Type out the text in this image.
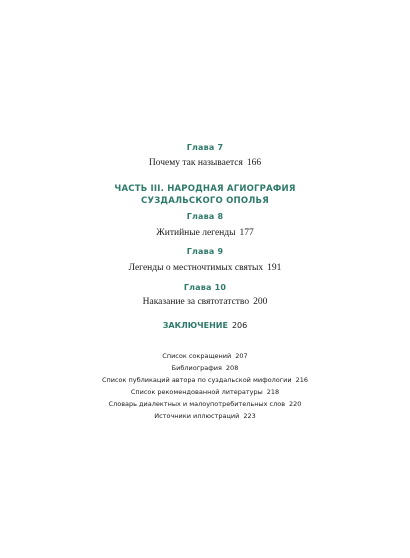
Глава 7
Почему так называется 166
ЧАСТЬ III. НАРОДНАЯ АГИОГРАФИЯ
СУЗДАЛЬСКОГО ОПОЛЬЯ
Глава 8
Житийные легенды 177
Глава 9
Легенды о местночтимых святых 191
Глава 10
Наказание за святотатство 200
ЗАКЛЮЧЕНИЕ 206
Список сокращений 207
Библиография 208
Список публикаций автора по суздальской мифологии 216
Список рекомендованной литературы 218
Словарь диалектных и малоупотребительных слов 220
Источники иллюстраций 223
